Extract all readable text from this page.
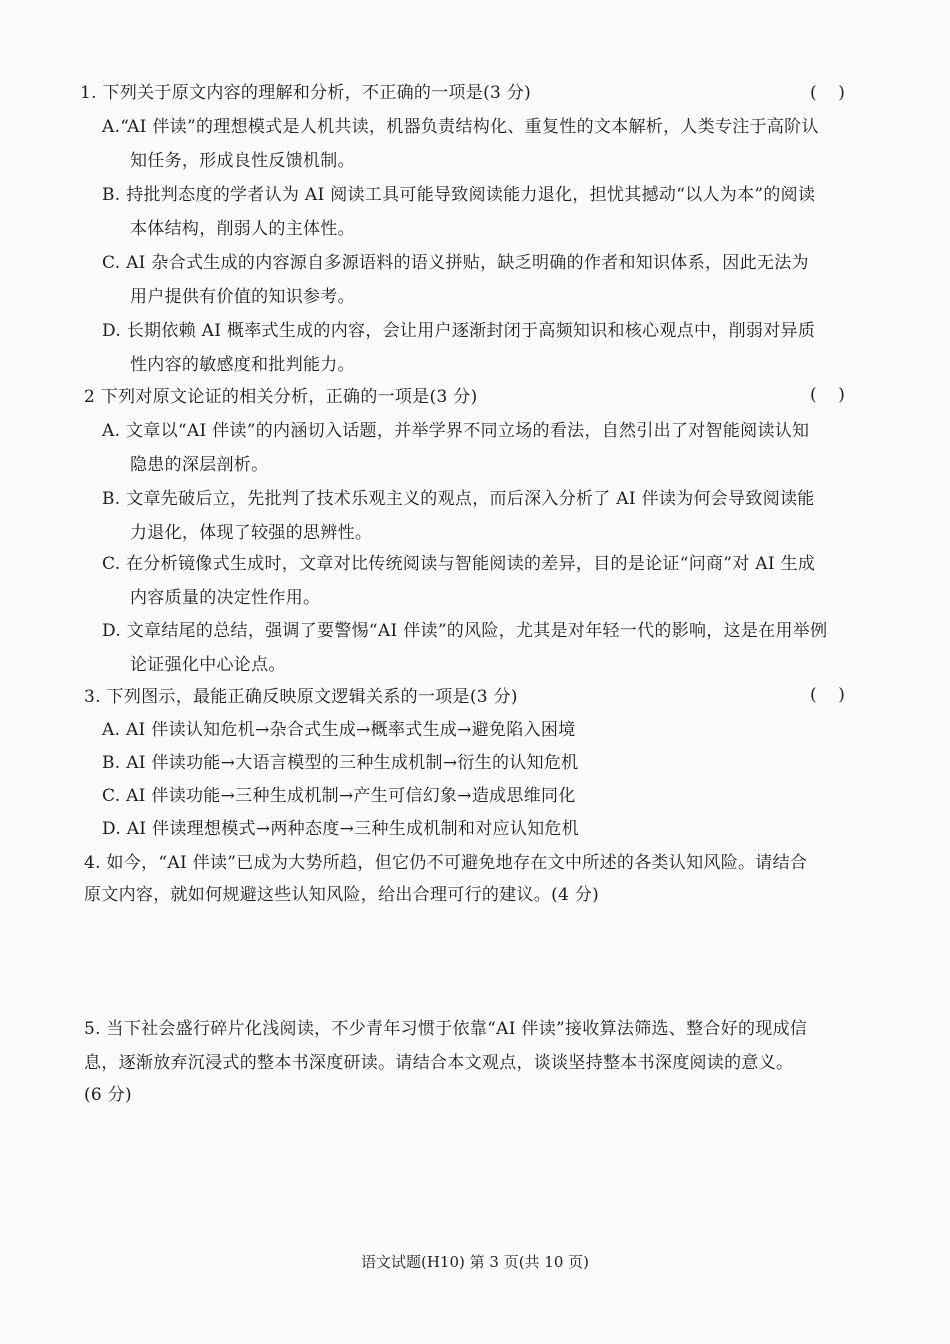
1. 下列关于原文内容的理解和分析，不正确的一项是(3 分)	(    )
A.“AI 伴读”的理想模式是人机共读，机器负责结构化、重复性的文本解析，人类专注于高阶认
知任务，形成良性反馈机制。
B. 持批判态度的学者认为 AI 阅读工具可能导致阅读能力退化，担忧其撼动“以人为本”的阅读
本体结构，削弱人的主体性。
C. AI 杂合式生成的内容源自多源语料的语义拼贴，缺乏明确的作者和知识体系，因此无法为
用户提供有价值的知识参考。
D. 长期依赖 AI 概率式生成的内容，会让用户逐渐封闭于高频知识和核心观点中，削弱对异质
性内容的敏感度和批判能力。
2 下列对原文论证的相关分析，正确的一项是(3 分)	(    )
A. 文章以“AI 伴读”的内涵切入话题，并举学界不同立场的看法，自然引出了对智能阅读认知
隐患的深层剖析。
B. 文章先破后立，先批判了技术乐观主义的观点，而后深入分析了 AI 伴读为何会导致阅读能
力退化，体现了较强的思辨性。
C. 在分析镜像式生成时，文章对比传统阅读与智能阅读的差异，目的是论证“问商”对 AI 生成
内容质量的决定性作用。
D. 文章结尾的总结，强调了要警惕“AI 伴读”的风险，尤其是对年轻一代的影响，这是在用举例
论证强化中心论点。
3. 下列图示，最能正确反映原文逻辑关系的一项是(3 分)	(    )
A. AI 伴读认知危机→杂合式生成→概率式生成→避免陷入困境
B. AI 伴读功能→大语言模型的三种生成机制→衍生的认知危机
C. AI 伴读功能→三种生成机制→产生可信幻象→造成思维同化
D. AI 伴读理想模式→两种态度→三种生成机制和对应认知危机
4. 如今，“AI 伴读”已成为大势所趋，但它仍不可避免地存在文中所述的各类认知风险。请结合
原文内容，就如何规避这些认知风险，给出合理可行的建议。(4 分)
5. 当下社会盛行碎片化浅阅读，不少青年习惯于依靠“AI 伴读”接收算法筛选、整合好的现成信
息，逐渐放弃沉浸式的整本书深度研读。请结合本文观点，谈谈坚持整本书深度阅读的意义。
(6 分)
语文试题(H10) 第 3 页(共 10 页)
